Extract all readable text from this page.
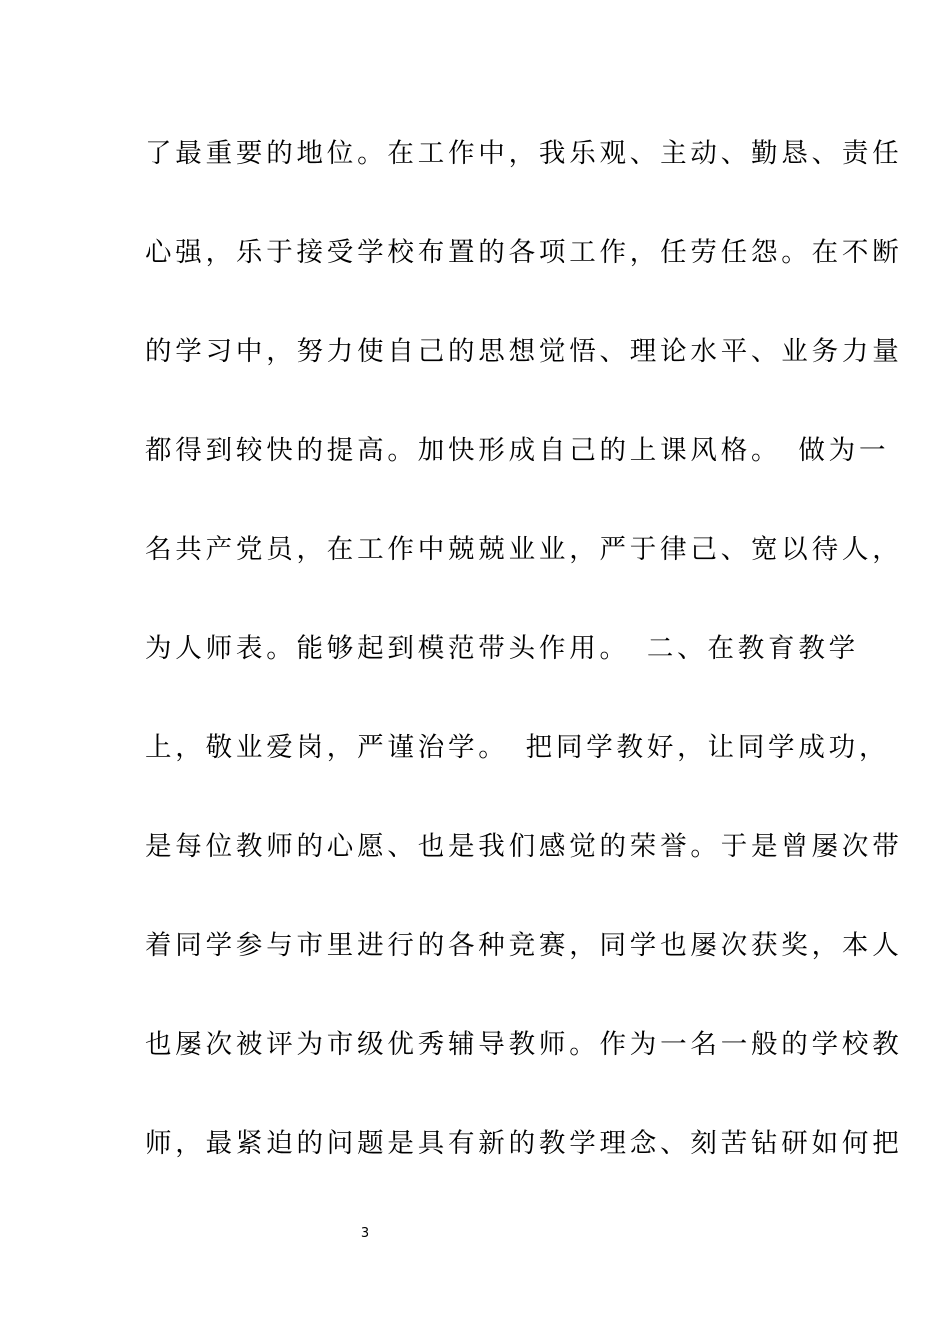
了最重要的地位。在工作中，我乐观、主动、勤恳、责任
心强，乐于接受学校布置的各项工作，任劳任怨。在不断
的学习中，努力使自己的思想觉悟、理论水平、业务力量
都得到较快的提高。加快形成自己的上课风格。　做为一
名共产党员，在工作中兢兢业业，严于律己、宽以待人，
为人师表。能够起到模范带头作用。　二、在教育教学
上，敬业爱岗，严谨治学。　把同学教好，让同学成功，
是每位教师的心愿、也是我们感觉的荣誉。于是曾屡次带
着同学参与市里进行的各种竞赛，同学也屡次获奖，本人
也屡次被评为市级优秀辅导教师。作为一名一般的学校教
师，最紧迫的问题是具有新的教学理念、刻苦钻研如何把
3
